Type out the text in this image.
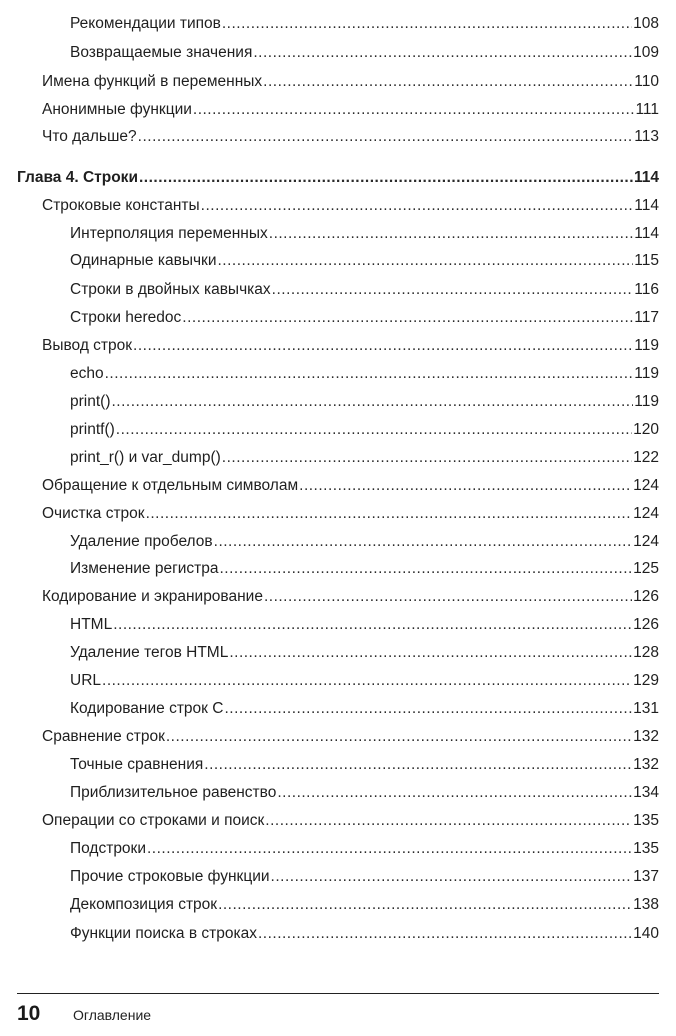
Рекомендации типов .....	108
Возвращаемые значения .....	109
Имена функций в переменных .....	110
Анонимные функции .....	111
Что дальше? .....	113
Глава 4. Строки .....	114
Строковые константы .....	114
Интерполяция переменных .....	114
Одинарные кавычки .....	115
Строки в двойных кавычках .....	116
Строки heredoc .....	117
Вывод строк .....	119
echo .....	119
print() .....	119
printf() .....	120
print_r() и var_dump() .....	122
Обращение к отдельным символам .....	124
Очистка строк .....	124
Удаление пробелов .....	124
Изменение регистра .....	125
Кодирование и экранирование .....	126
HTML .....	126
Удаление тегов HTML .....	128
URL .....	129
Кодирование строк C .....	131
Сравнение строк .....	132
Точные сравнения .....	132
Приблизительное равенство .....	134
Операции со строками и поиск .....	135
Подстроки .....	135
Прочие строковые функции .....	137
Декомпозиция строк .....	138
Функции поиска в строках .....	140
10 Оглавление
